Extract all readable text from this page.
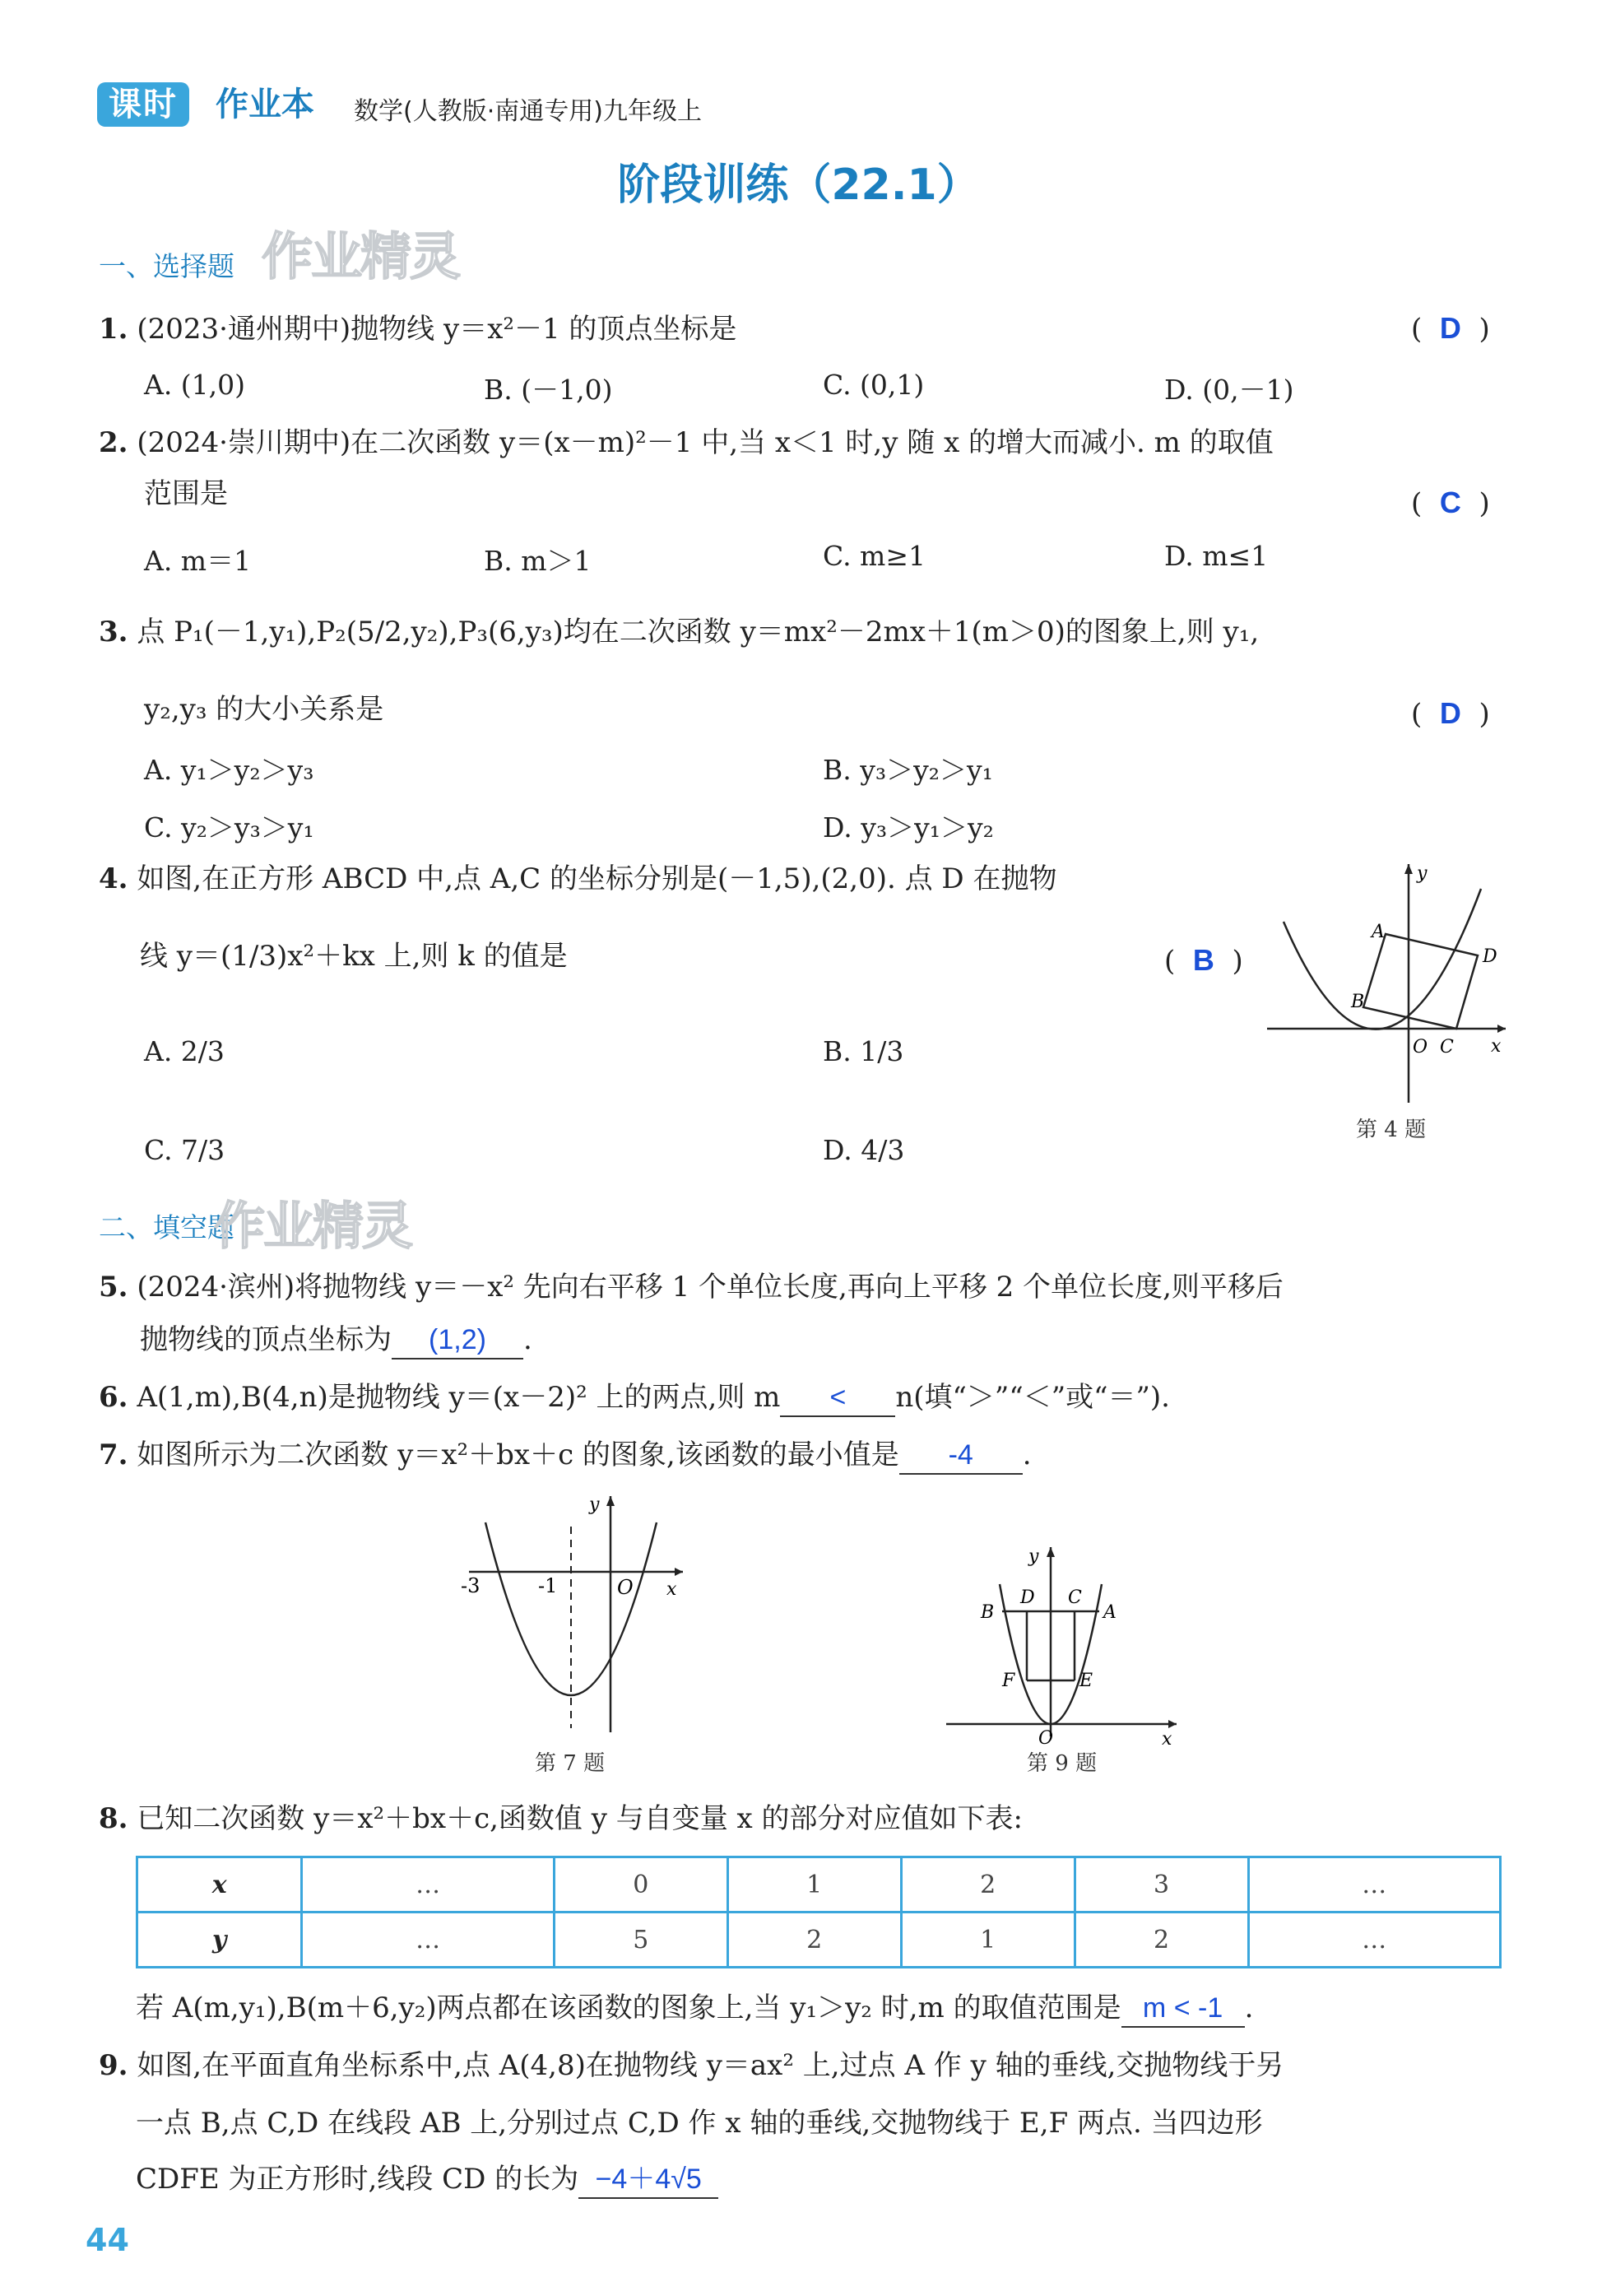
课时	作业本 数学(人教版·南通专用)九年级上
阶段训练（22.1）
一、选择题 作业精灵
1. (2023·通州期中)抛物线 y＝x²－1 的顶点坐标是	(  D  )
A. (1,0)	B. (－1,0)	C. (0,1)	D. (0,－1)
2. (2024·崇川期中)在二次函数 y＝(x－m)²－1 中,当 x＜1 时,y 随 x 的增大而减小. m 的取值
范围是	(  C  )
A. m＝1	B. m＞1	C. m≥1	D. m≤1
3. 点 P₁(－1,y₁),P₂(5/2,y₂),P₃(6,y₃)均在二次函数 y＝mx²－2mx＋1(m＞0)的图象上,则 y₁,
y₂,y₃ 的大小关系是	(  D  )
A. y₁＞y₂＞y₃	B. y₃＞y₂＞y₁
C. y₂＞y₃＞y₁	D. y₃＞y₁＞y₂
4. 如图,在正方形 ABCD 中,点 A,C 的坐标分别是(－1,5),(2,0). 点 D 在抛物
线 y＝(1/3)x²＋kx 上,则 k 的值是	(  B  )
A. 2/3	B. 1/3
C. 7/3	D. 4/3
A
B
D
O C x
y
第 4 题
二、填空题
作业精灵
5. (2024·滨州)将抛物线 y＝－x² 先向右平移 1 个单位长度,再向上平移 2 个单位长度,则平移后
抛物线的顶点坐标为 (1,2) .
6. A(1,m),B(4,n)是抛物线 y＝(x－2)² 上的两点,则 m < n(填“＞”“＜”或“＝”).
7. 如图所示为二次函数 y＝x²＋bx＋c 的图象,该函数的最小值是 -4 .
-3	-1	O x
y
第 7 题
y
B
D C
A
F	E
O	x
第 9 题
8. 已知二次函数 y＝x²＋bx＋c,函数值 y 与自变量 x 的部分对应值如下表:
x	…	0	1	2	3	…
y	…	5	2	1	2	…
若 A(m,y₁),B(m＋6,y₂)两点都在该函数的图象上,当 y₁＞y₂ 时,m 的取值范围是 m < -1 .
9. 如图,在平面直角坐标系中,点 A(4,8)在抛物线 y＝ax² 上,过点 A 作 y 轴的垂线,交抛物线于另
一点 B,点 C,D 在线段 AB 上,分别过点 C,D 作 x 轴的垂线,交抛物线于 E,F 两点. 当四边形
CDFE 为正方形时,线段 CD 的长为 −4＋4√5
44
